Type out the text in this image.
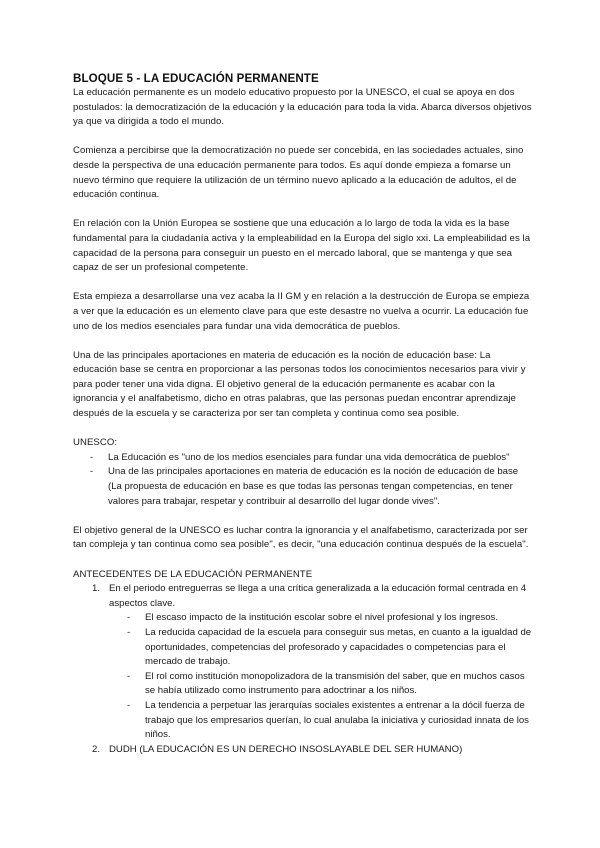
BLOQUE 5 - LA EDUCACIÓN PERMANENTE

La educación permanente es un modelo educativo propuesto por la UNESCO, el cual se apoya en dos postulados: la democratización de la educación y la educación para toda la vida. Abarca diversos objetivos ya que va dirigida a todo el mundo.

Comienza a percibirse que la democratización no puede ser concebida, en las sociedades actuales, sino desde la perspectiva de una educación permanente para todos. Es aquí donde empieza a fomarse un nuevo término que requiere la utilización de un término nuevo aplicado a la educación de adultos, el de educación continua.

En relación con la Unión Europea se sostiene que una educación a lo largo de toda la vida es la base fundamental para la ciudadanía activa y la empleabilidad en la Europa del siglo xxi. La empleabilidad es la capacidad de la persona para conseguir un puesto en el mercado laboral, que se mantenga y que sea capaz de ser un profesional competente.

Esta empieza a desarrollarse una vez acaba la II GM y en relación a la destrucción de Europa se empieza a ver que la educación es un elemento clave para que este desastre no vuelva a ocurrir. La educación fue uno de los medios esenciales para fundar una vida democrática de pueblos.

Una de las principales aportaciones en materia de educación es la noción de educación base: La educación base se centra en proporcionar a las personas todos los conocimientos necesarios para vivir y para poder tener una vida digna. El objetivo general de la educación permanente es acabar con la ignorancia y el analfabetismo, dicho en otras palabras, que las personas puedan encontrar aprendizaje después de la escuela y se caracteriza por ser tan completa y continua como sea posible.

UNESCO:

- La Educación es "uno de los medios esenciales para fundar una vida democrática de pueblos"
- Una de las principales aportaciones en materia de educación es la noción de educación de base (La propuesta de educación en base es que todas las personas tengan competencias, en tener valores para trabajar, respetar y contribuir al desarrollo del lugar donde vives".

El objetivo general de la UNESCO es luchar contra la ignorancia y el analfabetismo, caracterizada por ser tan compleja y tan continua como sea posible", es decir, "una educación continua después de la escuela".

ANTECEDENTES DE LA EDUCACIÓN PERMANENTE

1. En el periodo entreguerras se llega a una crítica generalizada a la educación formal centrada en 4 aspectos clave.
- El escaso impacto de la institución escolar sobre el nivel profesional y los ingresos.
- La reducida capacidad de la escuela para conseguir sus metas, en cuanto a la igualdad de oportunidades, competencias del profesorado y capacidades o competencias para el mercado de trabajo.
- El rol como institución monopolizadora de la transmisión del saber, que en muchos casos se había utilizado como instrumento para adoctrinar a los niños.
- La tendencia a perpetuar las jerarquías sociales existentes a entrenar a la dócil fuerza de trabajo que los empresarios querían, lo cual anulaba la iniciativa y curiosidad innata de los niños.
2. DUDH (LA EDUCACIÓN ES UN DERECHO INSOSLAYABLE DEL SER HUMANO)
